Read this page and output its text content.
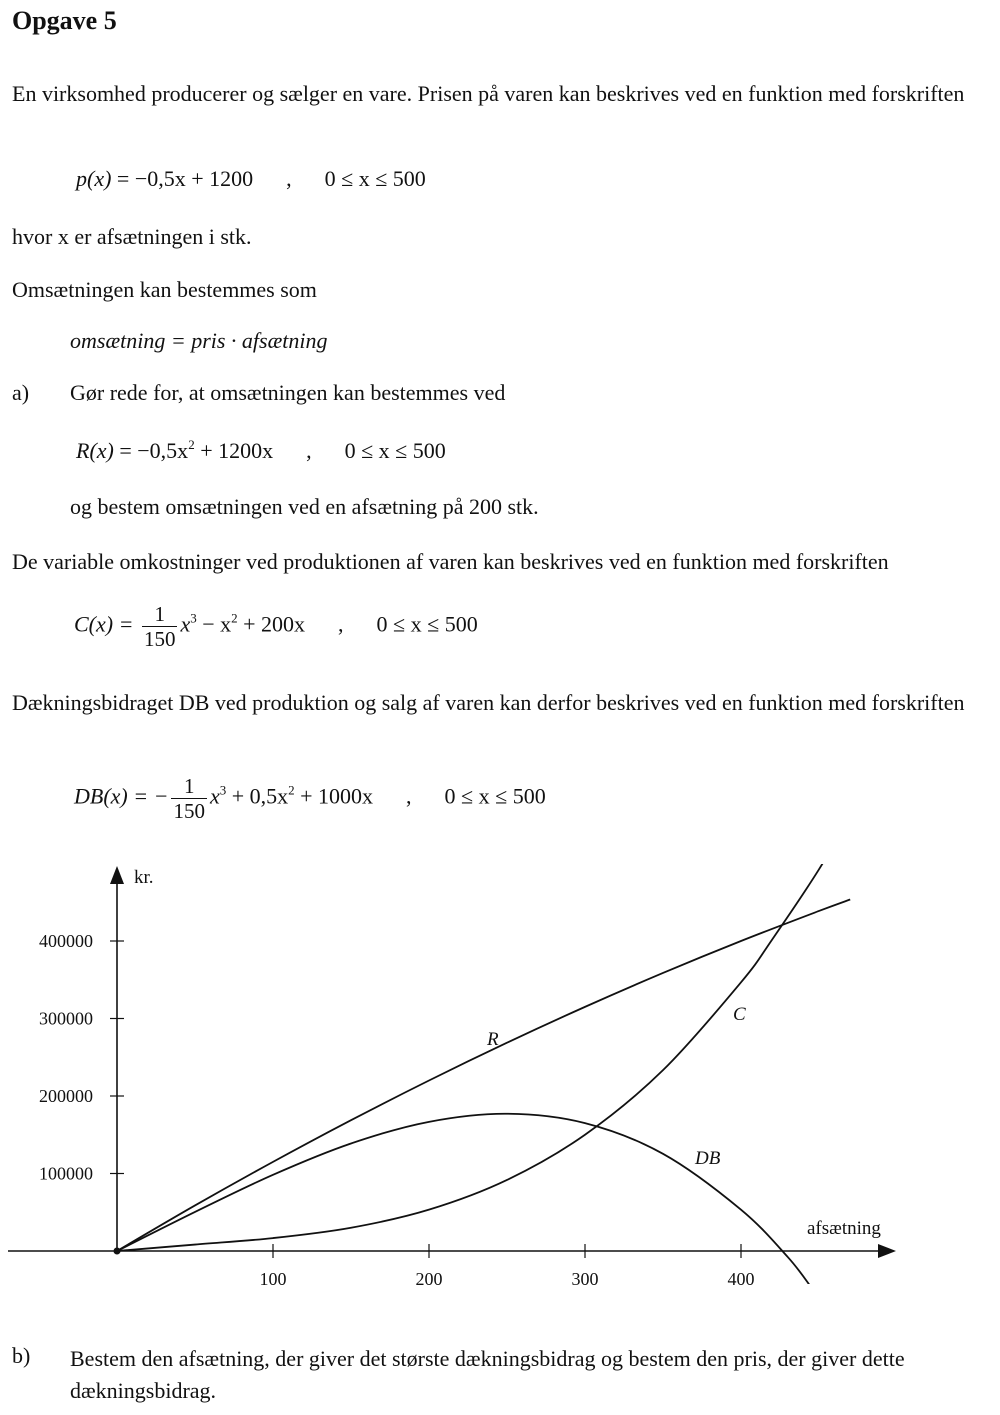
Opgave 5
En virksomhed producerer og sælger en vare. Prisen på varen kan beskrives ved en funktion med forskriften
p(x) = −0,5x + 1200 , 0 ≤ x ≤ 500
hvor x er afsætningen i stk.
Omsætningen kan bestemmes som
omsætning = pris · afsætning
a) Gør rede for, at omsætningen kan bestemmes ved
$R(x) = -0,5x^2 + 1200x$ , 0 ≤ x ≤ 500
og bestem omsætningen ved en afsætning på 200 stk.
De variable omkostninger ved produktionen af varen kan beskrives ved en funktion med forskriften
$C(x) = \frac{1}{150} x^3 - x^2 + 200x$ , 0 ≤ x ≤ 500
Dækningsbidraget DB ved produktion og salg af varen kan derfor beskrives ved en funktion med forskriften
DB(x) = − $\frac{1}{150} x^3 + 0,5x^2 + 1000x$ , 0 ≤ x ≤ 500
100	200	300	400
100000
200000
300000
400000
kr.
afsætning
R
C
DB
b) Bestem den afsætning, der giver det største dækningsbidrag og bestem den pris, der giver dette dækningsbidrag.
